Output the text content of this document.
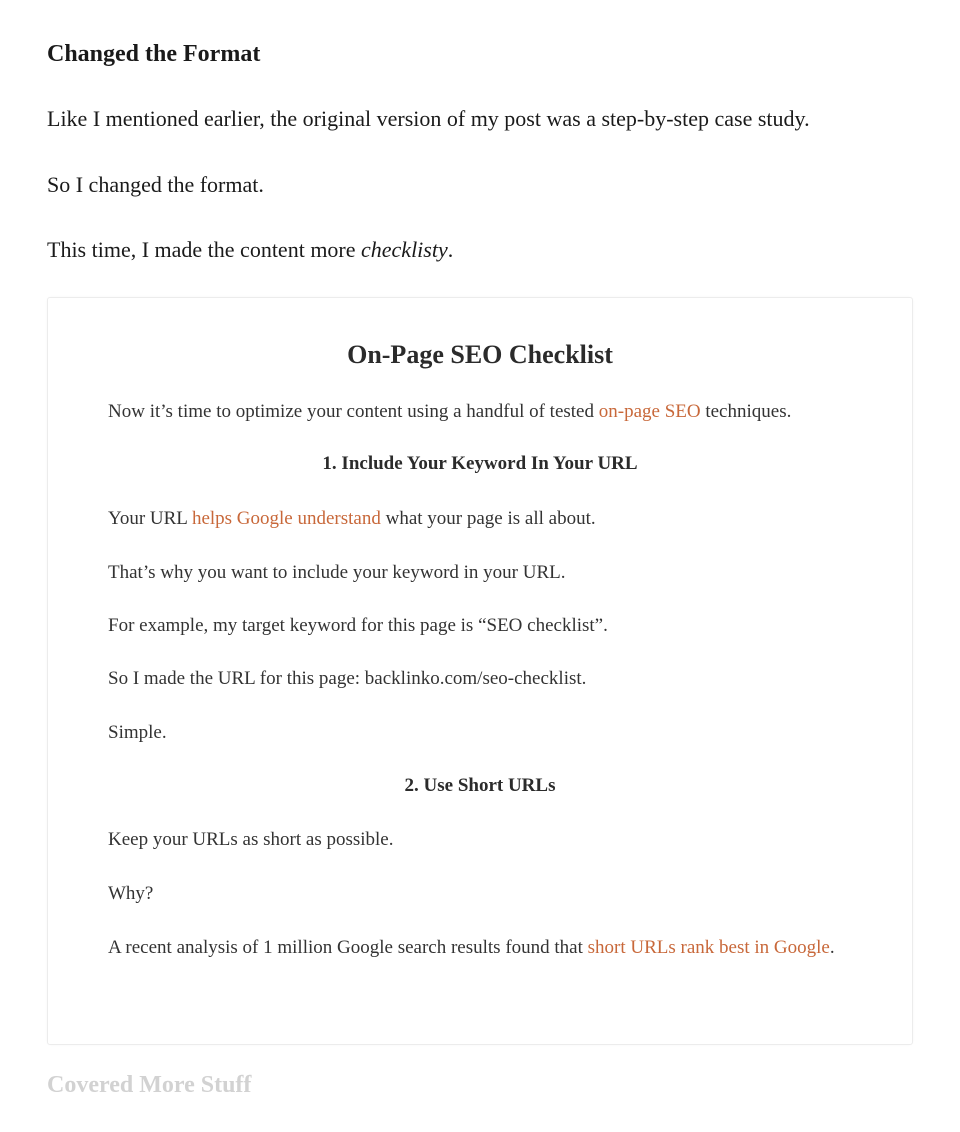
Changed the Format

Like I mentioned earlier, the original version of my post was a step-by-step case study.

So I changed the format.

This time, I made the content more checklisty.

On-Page SEO Checklist

Now it’s time to optimize your content using a handful of tested on-page SEO techniques.

1. Include Your Keyword In Your URL

Your URL helps Google understand what your page is all about.

That’s why you want to include your keyword in your URL.

For example, my target keyword for this page is “SEO checklist”.

So I made the URL for this page: backlinko.com/seo-checklist.

Simple.

2. Use Short URLs

Keep your URLs as short as possible.

Why?

A recent analysis of 1 million Google search results found that short URLs rank best in Google.

Covered More Stuff
